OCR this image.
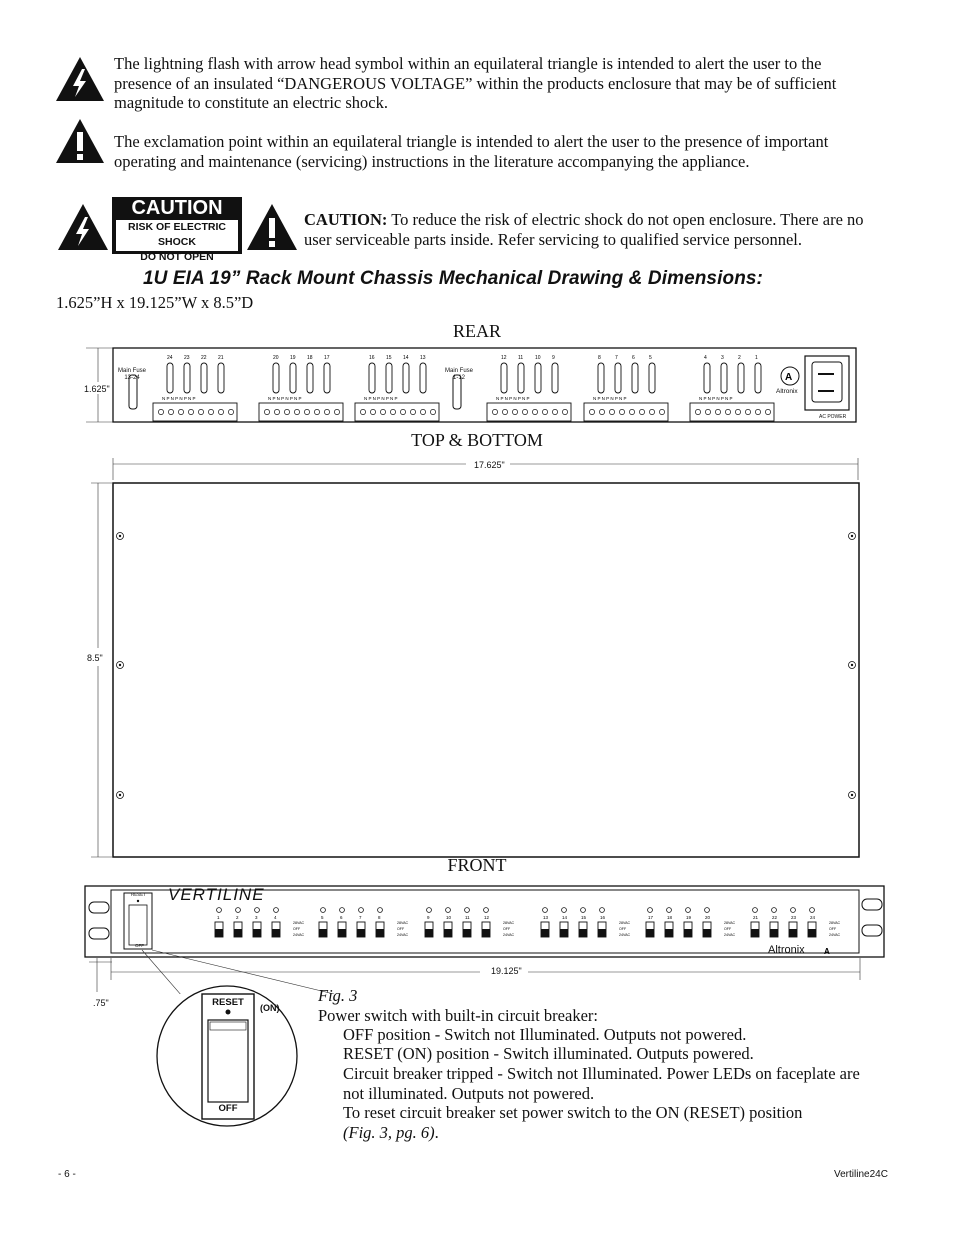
The lightning flash with arrow head symbol within an equilateral triangle is intended to alert the user to the presence of an insulated “DANGEROUS VOLTAGE” within the products enclosure that may be of sufficient magnitude to constitute an electric shock.
The exclamation point within an equilateral triangle is intended to alert the user to the presence of important operating and maintenance (servicing) instructions in the literature accompanying the appliance.
CAUTION
RISK OF ELECTRIC SHOCK
DO NOT OPEN
CAUTION: To reduce the risk of electric shock do not open enclosure. There are no user serviceable parts inside. Refer servicing to qualified service personnel.
1U EIA 19” Rack Mount Chassis Mechanical Drawing & Dimensions:
1.625”H x 19.125”W x 8.5”D
REAR
24 23 22 21
N P N P N P N P
20 19 18 17
N P N P N P N P
16 15 14 13
N P N P N P N P
12 11 10 9
N P N P N P N P
8	7	6	5
N P N P N P N P
4	3	2	1
N P N P N P N P
A
1.625"
Main Fuse
13-24
Main Fuse
1-12
Altronix
AC POWER
TOP & BOTTOM
17.625"
8.5"
FRONT
1	2	3	4
28VAC
OFF
24VAC
5	6	7	8
28VAC
OFF
24VAC
9	10	11	12
28VAC
OFF
24VAC
13	14	15	16
28VAC
OFF
24VAC
17	18	19	20
28VAC
OFF
24VAC
21	22	23	24
28VAC
OFF
24VAC
A
VERTILINE
RESET
OFF	Altronix
19.125"
.75"	RESET	(ON)
OFF
Fig. 3
Power switch with built-in circuit breaker:
OFF position - Switch not Illuminated. Outputs not powered.
RESET (ON) position - Switch illuminated. Outputs powered.
Circuit breaker tripped - Switch not Illuminated. Power LEDs on faceplate are not illuminated. Outputs not powered.
To reset circuit breaker set power switch to the ON (RESET) position
(Fig. 3, pg. 6).
- 6 -	Vertiline24C
